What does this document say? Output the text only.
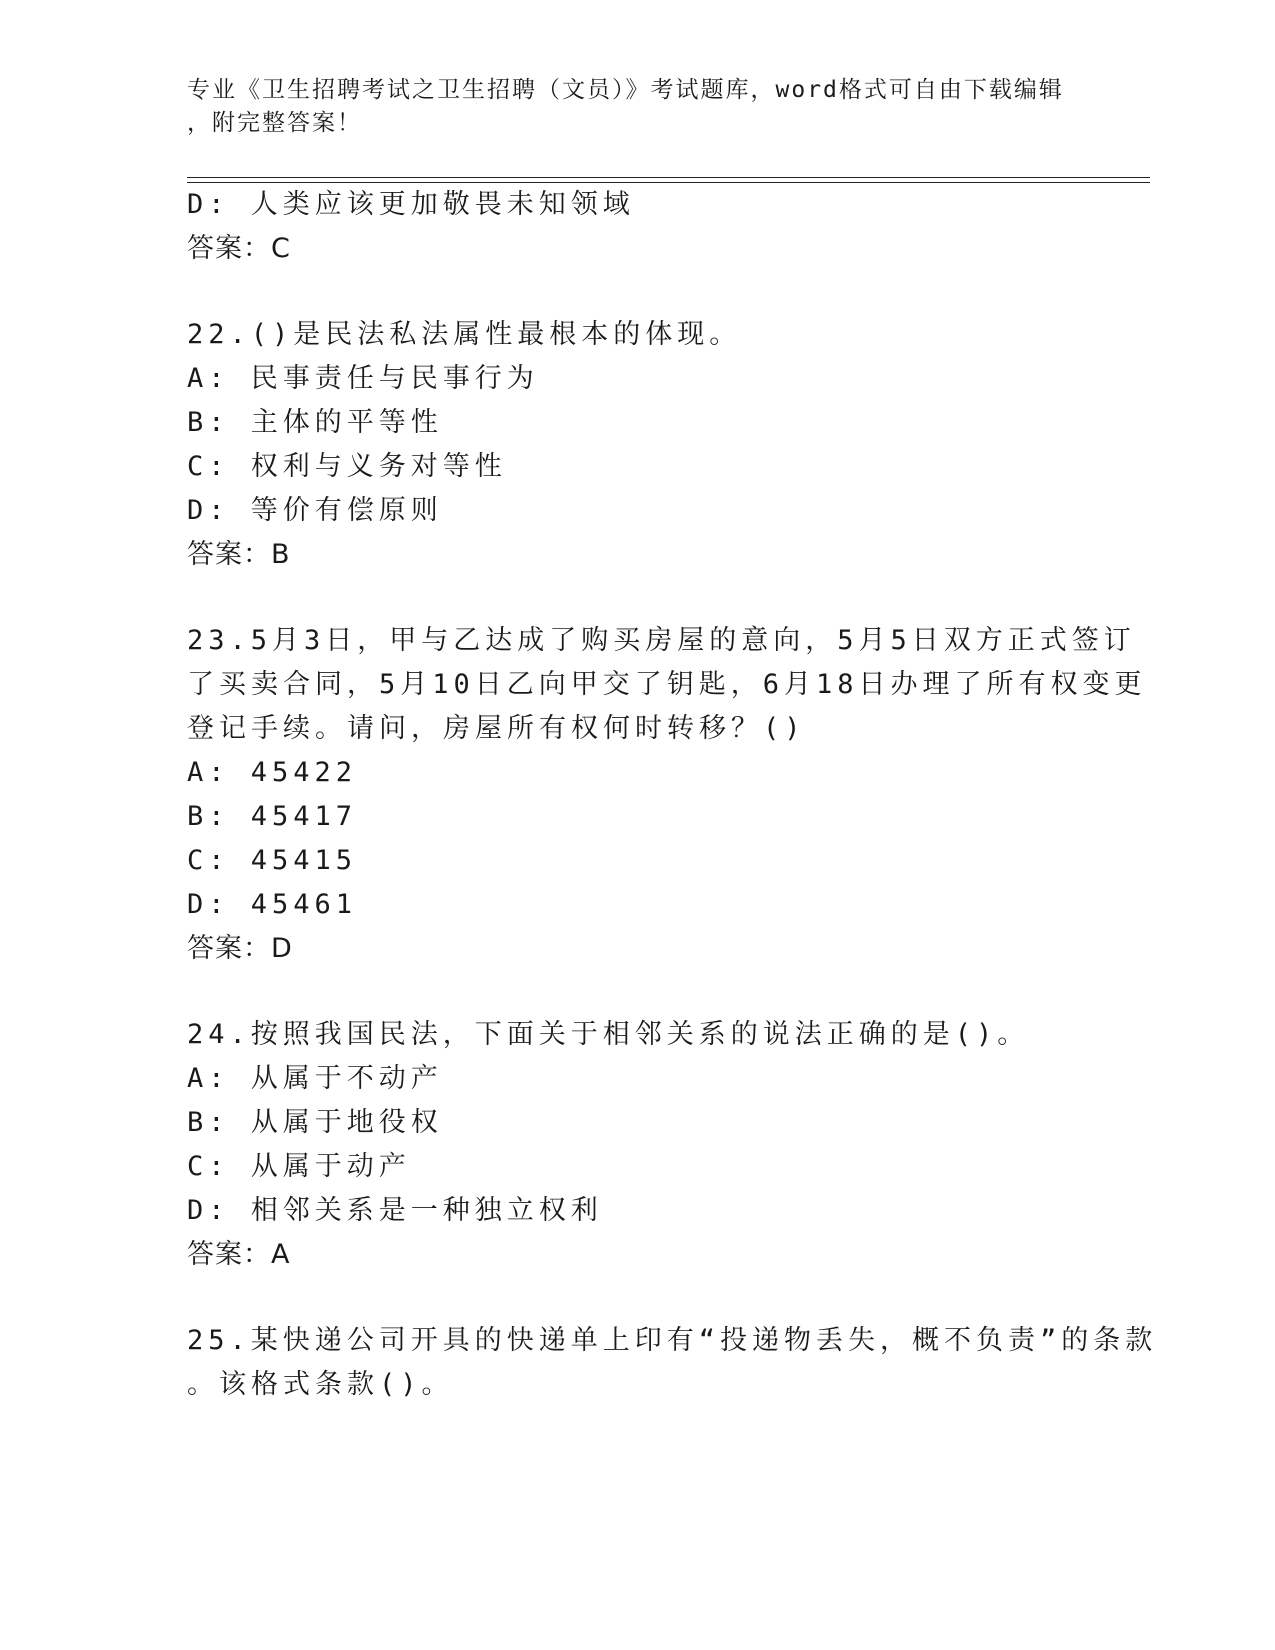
专业《卫生招聘考试之卫生招聘（文员）》考试题库，word格式可自由下载编辑
，附完整答案！
D: 人类应该更加敬畏未知领域
答案：C
22.()是民法私法属性最根本的体现。
A: 民事责任与民事行为
B: 主体的平等性
C: 权利与义务对等性
D: 等价有偿原则
答案：B
23.5月3日，甲与乙达成了购买房屋的意向，5月5日双方正式签订
了买卖合同，5月10日乙向甲交了钥匙，6月18日办理了所有权变更
登记手续。请问，房屋所有权何时转移？()
A: 45422
B: 45417
C: 45415
D: 45461
答案：D
24.按照我国民法，下面关于相邻关系的说法正确的是()。
A: 从属于不动产
B: 从属于地役权
C: 从属于动产
D: 相邻关系是一种独立权利
答案：A
25.某快递公司开具的快递单上印有“投递物丢失，概不负责”的条款
。该格式条款()。
